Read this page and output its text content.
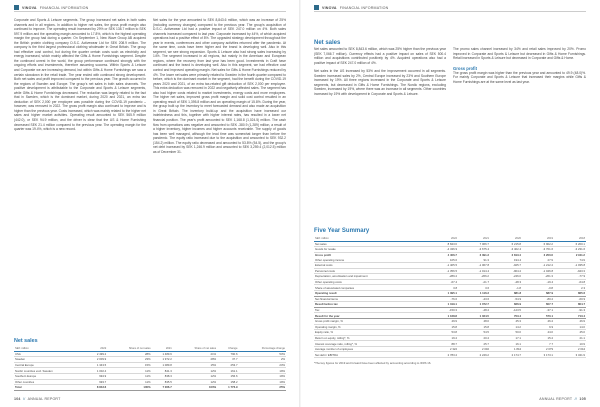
VINOVA FINANCIAL INFORMATION
Corporate and Sports & Leisure segments. The group increased net sales in both sales channels and in all regions. In addition to higher net sales, the gross profit margin also continued to improve. The operating result increased by 29% or SEK 138.7 million to SEK 597.9 million and the operating margin amounted to 17.8%, which is the highest operating margin the group had during a quarter. On September 1, New Wave Group AB acquired the British protein clothing company D.S.C. Activewear Ltd for SEK 208.9 million. The company is the third largest professional clothing wholesaler in Great Britain. The group had effective cost control, but during the quarter certain costs such as electricity and energy increased, which mainly affected the Gifts & Home Furnishings segment. Despite the continued unrest in the world, the group performance continued strongly with the ongoing efforts and investments, therefore assuming success. Within Sports & Leisure and Corporate we are increasing demand, but within Gifts & Home Furnishings we saw a certain slowdown in the retail trade. The year ended with continued strong development. Both net sales and profit improved compared to the previous year. The growth occurred in the regions of Sweden and Europe. The group's net sales in both sales channels. The positive development is attributable to the Corporate and Sports & Leisure segments, while Gifts & Home Furnishings decreased. The reduction was largely related to the fact that in Sweden, which is the dominant market, during 2020 and 2021, an extra tax deduction of SEK 2,000 per employee was possible during the COVID-19 pandemic – however, was removed in 2022. The gross profit margin also continued to improve and is higher than the previous year. Costs increased, which was mainly related to the higher net sales and higher market activities. Operating result amounted to SEK 565.9 million (442.0), or SEK 94.9 million, and the driver is clear that the US & Home Furnishing decreased SEK 21.4 million compared to the previous year. The operating margin for the quarter was 19.4%, which is a new record.
Net sales for the year amounted to SEK 8,843.6 million, which was an increase of 25% (including currency changes) compared to the previous year. The group's acquisition of D.S.C. Activewear Ltd had a positive impact of SEK 247.0 million on 4%. Both sales channels increased compared to last year. Corporate increased by 44%, of which acquired operations had a positive effect of 8%. The upgraded strategy development throughout the year in events, conferences and other company activities returned after the pandemic. At the same time, costs have been higher and the brand is developing well. Also in this segment, we see strong expansion. Sports & Leisure also had strong sales increasing by 14%. The segment increased in all regions, but mainly in the American and European regions, where the recovery from last year has been good. Investments in Craft have continued and the brand is developing well. Also in this segment, we had effective cost control and improved operating margin. Net sales for Gifts & Home Furnishings reduced by 4%. The lower net sales were primarily related to Sweden in the fourth quarter compared to before, which is the dominant market in the segment, had the benefit during the COVID-19 years 2020 and 2021, of an extra tax-related gift deduction of SEK 2,000 per employee. This extra deduction was removed in 2022 and negatively affected sales. The segment has also had higher costs related to market investments, energy costs and more employees. The higher net sales, improved gross profit margin and solid cost control resulted in an operating result of SEK 1,395.8 million and an operating margin of 15.8%. During the year, the group built up the inventory to meet forecasted demand and also made an acquisition in Great Britain. The inventory build-up and the acquisition have increased our indebtedness and this, together with higher interest rates, has resulted in a lower net financial position. The year's profit amounted to SEK 1,168.8 (1,024.5) million. The cash flow from operations was negative and amounted to SEK -380.9 (1,289) million, a result of a higher inventory, higher incomes and higher accounts receivable. The supply of goods has been well managed, although the lead time was somewhat longer than before the pandemic. The equity ratio increased due to the acquisition and amounted to SEK 932.2 (154.2) million. The equity ratio decreased and amounted to 53.8% (54.5), and the group's net debt increased by SEK 1,246.9 million and amounted to SEK 3,259.4 (2,012.5) million as of December 31.
Net sales
SEK million	2022	Share of net sales	2021	Share of net sales	Change	Percentage change
USA	2 499.2	28%	1 489.6	21%	790.6	53%
Sweden	2 009.9	23%	1 972.2	28%	37.7	2%
Central Europe	1 343.5	15%	1 089.8	15%	253.7	23%
Nordic countries excl. Sweden	1 002.4	11%	841.3	12%	161.1	19%
Southern Europe	994.9	11%	838.3	12%	156.6	19%
Other countries	993.7	11%	835.5	12%	158.2	19%
Total	8 843.6	100%	7 066.7	100%	1 776.9	25%
104  //  ANNUAL REPORT
VINOVA FINANCIAL INFORMATION
Net sales
Net sales amounted to SEK 8,843.6 million, which was 25% higher than the previous year (SEK 7,066.7 million). Currency effects had a positive impact on sales of SEK 500.4 million and acquisitions contributed positively by 4%. Acquired operations also had a positive impact of SEK 247.0 million of 4%.
Net sales in the US increased by 53% and the improvement occurred in all segments. Sweden increased sales by 2%, Central Europe increased by 23% and Southern Europe increased by 19%. All three regions increased in the Corporate and Sports & Leisure segments, but decreased in Gifts & Home Furnishings. The Nordic regions, excluding Sweden, increased by 19%, where there was an increase in all segments. Other countries increased by 19% with development in Corporate and Sports & Leisure.
The promo sales channel increased by 34% and retail sales improved by 20%. Promo improved in Corporate and Sports & Leisure but decreased in Gifts & Home Furnishings. Retail increased in Sports & Leisure but decreased in Corporate and Gifts & Home.
Gross profit
The gross profit margin was higher than the previous year and amounted to 49.9 (48.0)%. For mainly Corporate and Sports & Leisure that increased their margins while Gifts & Home Furnishings are at the same level as last year.
Five Year Summary
SEK million	2022	2021	2020	2019	2018
Net sales	8 843.6	7 066.7	6 215.8	6 902.2	6 200.1
Goods for resale	-4 436.9	-3 675.4	-3 402.4	-3 701.6	-3 231.6
Gross profit	4 406.7	3 391.3	2 813.4	3 200.6	2 911.2
Other operating income	105.0	91.3	194.4	27.9	74.9
External costs	-1 405.5	-1 067.8	-925.7	-1 212.2	-1 035.8
Personnel costs	-1 356.5	-1 014.4	-904.4	-1 046.8	-943.3
Depreciation, amortisation and impairment	-289.4	-266.2	-246.0	-261.3	-77.9
Other operating costs	-67.4	-21.7	-48.3	-19.4	-64.8
Share of associated companies	3.8	3.6	-1.8	-0.8	2.3
Operating result	1 395.1	1 116.3	881.8	687.9	865.6
Net financial items	-76.0	-43.6	-54.9	-80.2	-60.9
Result before tax	1 319.1	1 072.7	826.9	607.7	804.7
Tax	-150.3	-48.2	-123.5	-37.1	-91.3
Result for the year	1 168.8	1 024.5	703.4	570.1	713.4
Gross profit margin, %	49.9	48.0	45.3	46.4	46.9
Operating margin, %	15.8	15.8	14.2	9.9	14.0
Equity ratio, %	53.8	54.5	50.0	44.0	45.0
Return on equity, rolling*, %	19.4	20.4	17.1	15.4	21.1
Interest coverage ratio, rolling*, %	88.7	25.7	16.1	7.7	10.9
Average number of employees	2 322	2 040	1 844	2 079	2 044
Net debt / EBITDA	2 783.4	2 249.2	2 174.7	3 173.1	3 341.9
*The key figures for 2019 and forward have been affected by accounting according to IFRS 16.
ANNUAL REPORT  //  105
